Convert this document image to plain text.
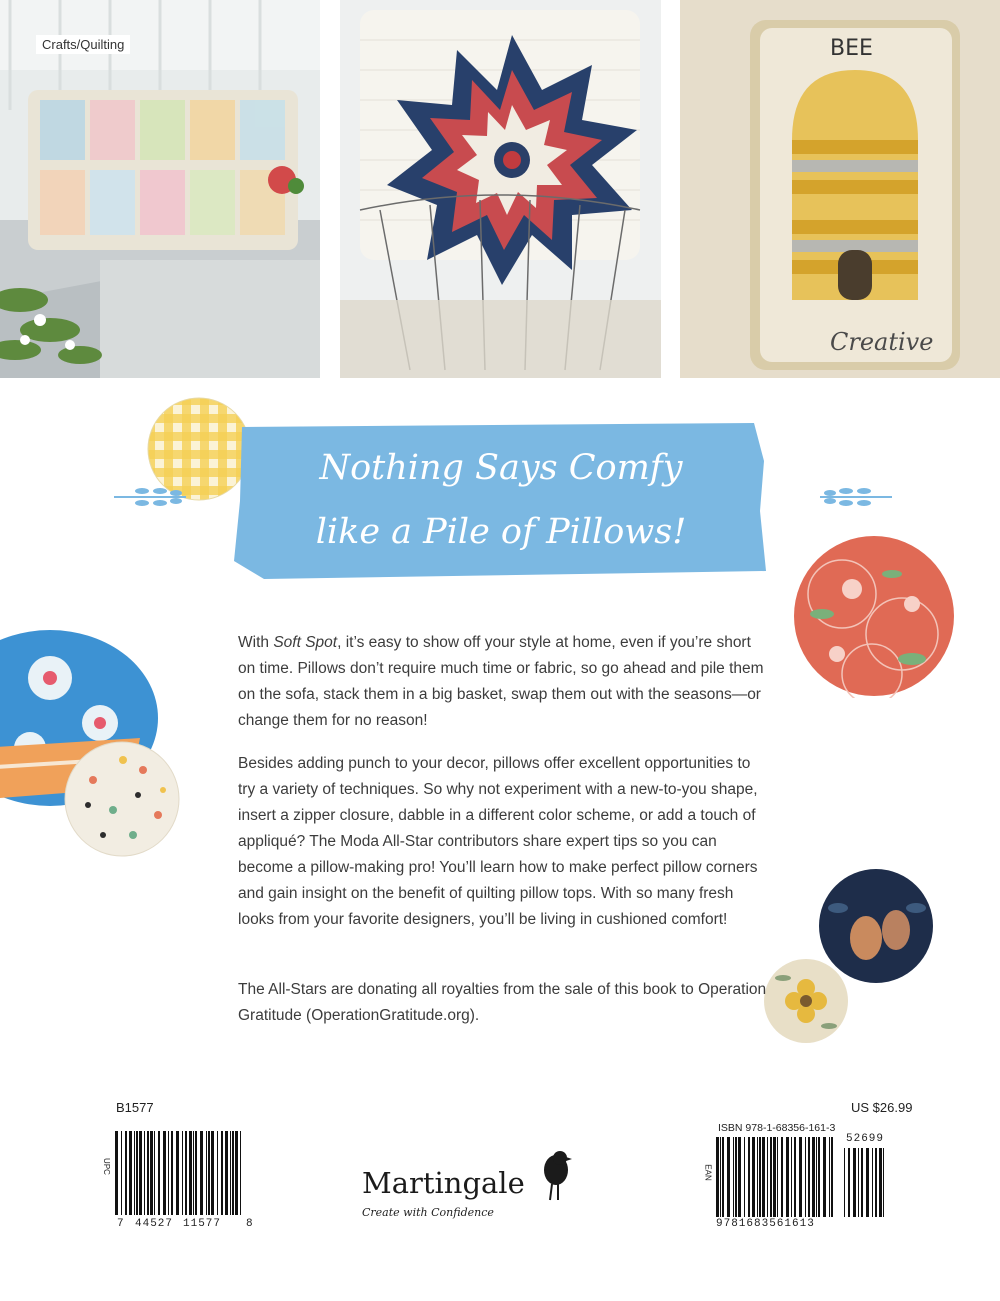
Crafts/Quilting	BEE
Creative
Nothing Says Comfy
like a Pile of Pillows!

With Soft Spot, it’s easy to show off your style at home, even if you’re short on time. Pillows don’t require much time or fabric, so go ahead and pile them on the sofa, stack them in a big basket, swap them out with the seasons—or change them for no reason!

Besides adding punch to your decor, pillows offer excellent opportunities to try a variety of techniques. So why not experiment with a new-to-you shape, insert a zipper closure, dabble in a different color scheme, or add a touch of appliqué? The Moda All-Star contributors share expert tips so you can become a pillow-making pro! You’ll learn how to make perfect pillow corners and gain insight on the benefit of quilting pillow tops. With so many fresh looks from your favorite designers, you’ll be living in cushioned comfort!

The All-Stars are donating all royalties from the sale of this book to Operation Gratitude (OperationGratitude.org).

B1577	US $26.99
UPC
7 44527 11577 8
Martingale
Create with Confidence
ISBN 978-1-68356-161-3
52699
EAN
9781683561613
